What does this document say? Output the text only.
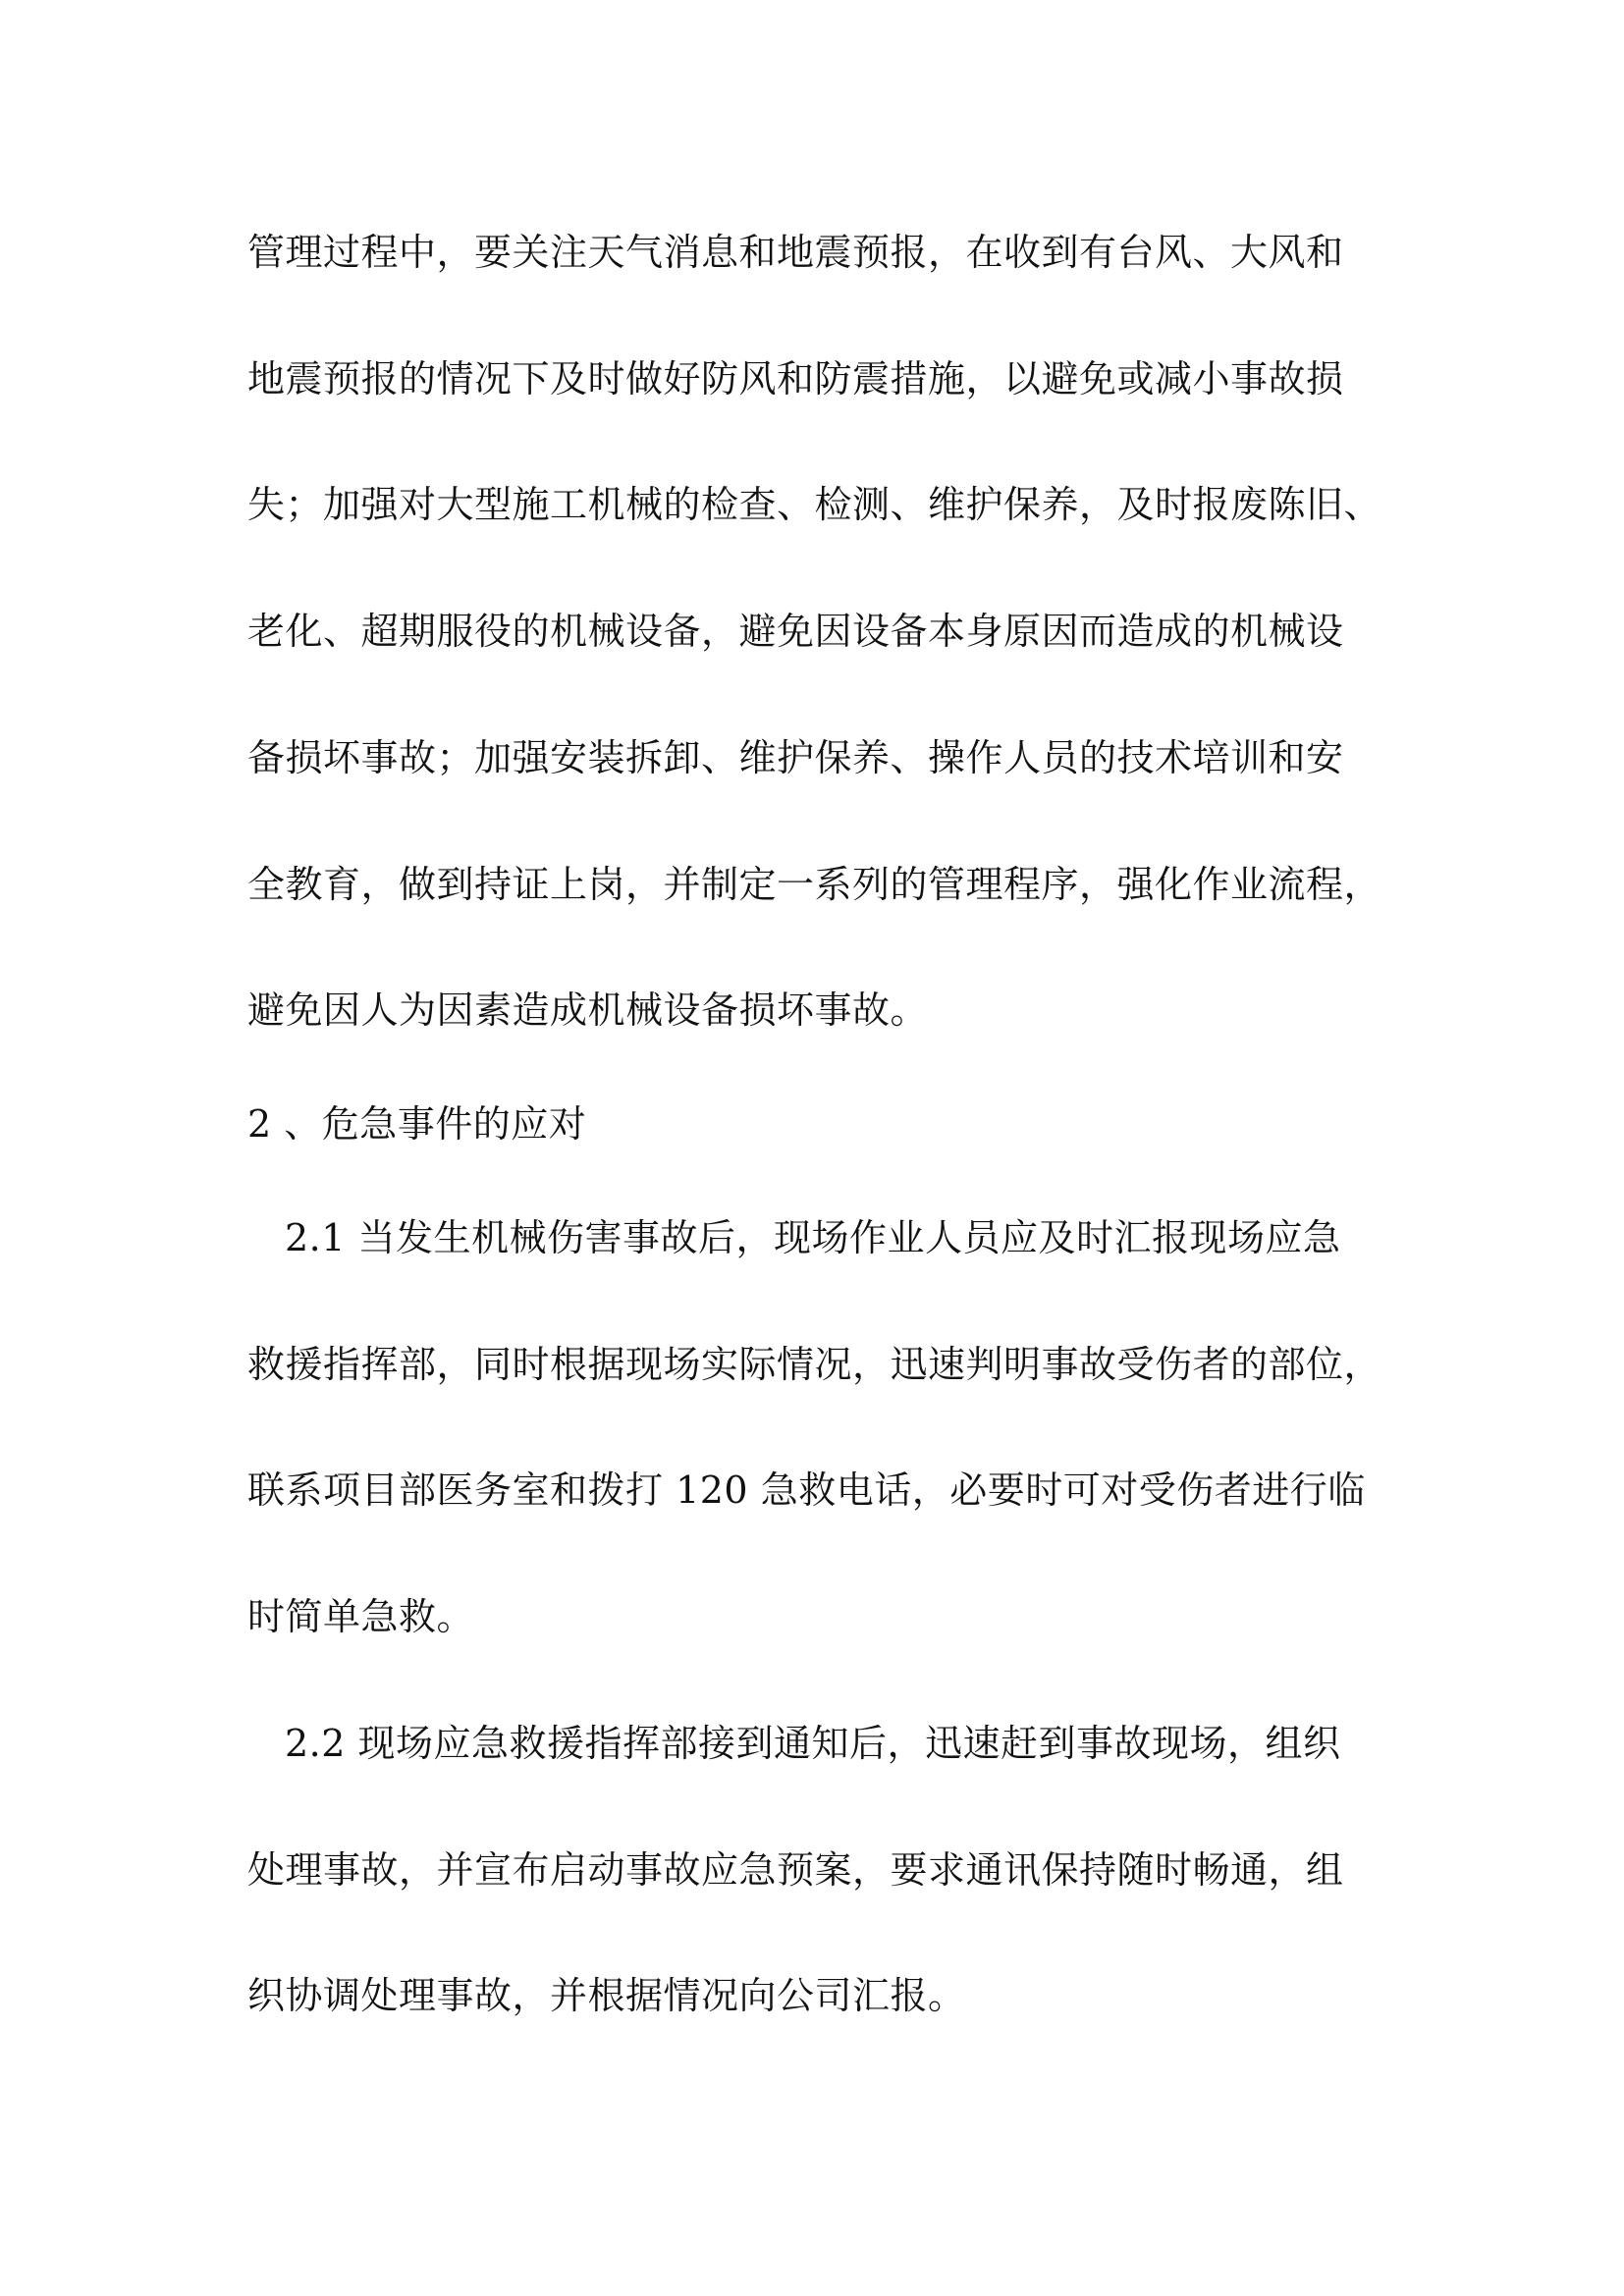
管理过程中，要关注天气消息和地震预报，在收到有台风、大风和
地震预报的情况下及时做好防风和防震措施，以避免或减小事故损
失；加强对大型施工机械的检查、检测、维护保养，及时报废陈旧、
老化、超期服役的机械设备，避免因设备本身原因而造成的机械设
备损坏事故；加强安装拆卸、维护保养、操作人员的技术培训和安
全教育，做到持证上岗，并制定一系列的管理程序，强化作业流程，
避免因人为因素造成机械设备损坏事故。
2 、危急事件的应对
2.1 当发生机械伤害事故后，现场作业人员应及时汇报现场应急
救援指挥部，同时根据现场实际情况，迅速判明事故受伤者的部位，
联系项目部医务室和拨打 120 急救电话，必要时可对受伤者进行临
时简单急救。
2.2 现场应急救援指挥部接到通知后，迅速赶到事故现场，组织
处理事故，并宣布启动事故应急预案，要求通讯保持随时畅通，组
织协调处理事故，并根据情况向公司汇报。
